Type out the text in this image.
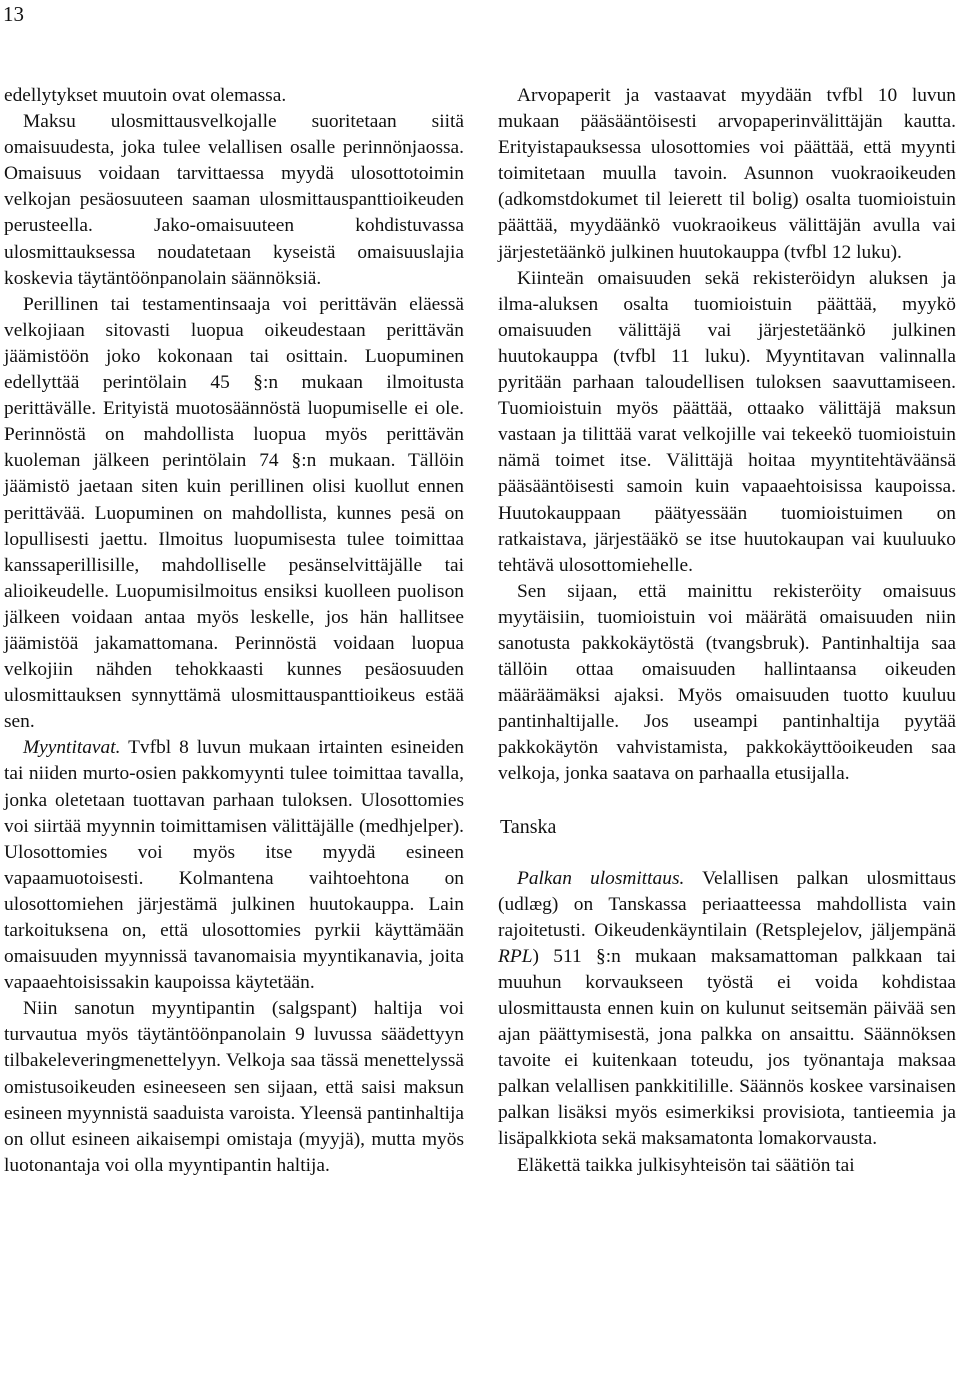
13

edellytykset muutoin ovat olemassa.

Maksu ulosmittausvelkojalle suoritetaan siitä omaisuudesta, joka tulee velallisen osalle perinnönjaossa. Omaisuus voidaan tarvittaessa myydä ulosottotoimin velkojan pesäosuuteen saaman ulosmittauspanttioikeuden perusteella. Jako-omaisuuteen kohdistuvassa ulosmittauksessa noudatetaan kyseistä omaisuuslajia koskevia täytäntöönpanolain säännöksiä.

Perillinen tai testamentinsaaja voi perittävän eläessä velkojiaan sitovasti luopua oikeudestaan perittävän jäämistöön joko kokonaan tai osittain. Luopuminen edellyttää perintölain 45 §:n mukaan ilmoitusta perittävälle. Erityistä muotosäännöstä luopumiselle ei ole. Perinnöstä on mahdollista luopua myös perittävän kuoleman jälkeen perintölain 74 §:n mukaan. Tällöin jäämistö jaetaan siten kuin perillinen olisi kuollut ennen perittävää. Luopuminen on mahdollista, kunnes pesä on lopullisesti jaettu. Ilmoitus luopumisesta tulee toimittaa kanssaperillisille, mahdolliselle pesänselvittäjälle tai alioikeudelle. Luopumisilmoitus ensiksi kuolleen puolison jälkeen voidaan antaa myös leskelle, jos hän hallitsee jäämistöä jakamattomana. Perinnöstä voidaan luopua velkojiin nähden tehokkaasti kunnes pesäosuuden ulosmittauksen synnyttämä ulosmittauspanttioikeus estää sen.

Myyntitavat. Tvfbl 8 luvun mukaan irtainten esineiden tai niiden murto-osien pakkomyynti tulee toimittaa tavalla, jonka oletetaan tuottavan parhaan tuloksen. Ulosottomies voi siirtää myynnin toimittamisen välittäjälle (medhjelper). Ulosottomies voi myös itse myydä esineen vapaamuotoisesti. Kolmantena vaihtoehtona on ulosottomiehen järjestämä julkinen huutokauppa. Lain tarkoituksena on, että ulosottomies pyrkii käyttämään omaisuuden myynnissä tavanomaisia myyntikanavia, joita vapaaehtoisissakin kaupoissa käytetään.

Niin sanotun myyntipantin (salgspant) haltija voi turvautua myös täytäntöönpanolain 9 luvussa säädettyyn tilbakeleveringmenettelyyn. Velkoja saa tässä menettelyssä omistusoikeuden esineeseen sen sijaan, että saisi maksun esineen myynnistä saaduista varoista. Yleensä pantinhaltija on ollut esineen aikaisempi omistaja (myyjä), mutta myös luotonantaja voi olla myyntipantin haltija.

Arvopaperit ja vastaavat myydään tvfbl 10 luvun mukaan pääsääntöisesti arvopaperinvälittäjän kautta. Erityistapauksessa ulosottomies voi päättää, että myynti toimitetaan muulla tavoin. Asunnon vuokraoikeuden (adkomstdokumet til leierett til bolig) osalta tuomioistuin päättää, myydäänkö vuokraoikeus välittäjän avulla vai järjestetäänkö julkinen huutokauppa (tvfbl 12 luku).

Kiinteän omaisuuden sekä rekisteröidyn aluksen ja ilma-aluksen osalta tuomioistuin päättää, myykö omaisuuden välittäjä vai järjestetäänkö julkinen huutokauppa (tvfbl 11 luku). Myyntitavan valinnalla pyritään parhaan taloudellisen tuloksen saavuttamiseen. Tuomioistuin myös päättää, ottaako välittäjä maksun vastaan ja tilittää varat velkojille vai tekeekö tuomioistuin nämä toimet itse. Välittäjä hoitaa myyntitehtäväänsä pääsääntöisesti samoin kuin vapaaehtoisissa kaupoissa. Huutokauppaan päätyessään tuomioistuimen on ratkaistava, järjestääkö se itse huutokaupan vai kuuluuko tehtävä ulosottomiehelle.

Sen sijaan, että mainittu rekisteröity omaisuus myytäisiin, tuomioistuin voi määrätä omaisuuden niin sanotusta pakkokäytöstä (tvangsbruk). Pantinhaltija saa tällöin ottaa omaisuuden hallintaansa oikeuden määräämäksi ajaksi. Myös omaisuuden tuotto kuuluu pantinhaltijalle. Jos useampi pantinhaltija pyytää pakkokäytön vahvistamista, pakkokäyttöoikeuden saa velkoja, jonka saatava on parhaalla etusijalla.

Tanska

Palkan ulosmittaus. Velallisen palkan ulosmittaus (udlæg) on Tanskassa periaatteessa mahdollista vain rajoitetusti. Oikeudenkäyntilain (Retsplejelov, jäljempänä RPL) 511 §:n mukaan maksamattoman palkkaan tai muuhun korvaukseen työstä ei voida kohdistaa ulosmittausta ennen kuin on kulunut seitsemän päivää sen ajan päättymisestä, jona palkka on ansaittu. Säännöksen tavoite ei kuitenkaan toteudu, jos työnantaja maksaa palkan velallisen pankkitilille. Säännös koskee varsinaisen palkan lisäksi myös esimerkiksi provisiota, tantieemia ja lisäpalkkiota sekä maksamatonta lomakorvausta.

Eläkettä taikka julkisyhteisön tai säätiön tai
